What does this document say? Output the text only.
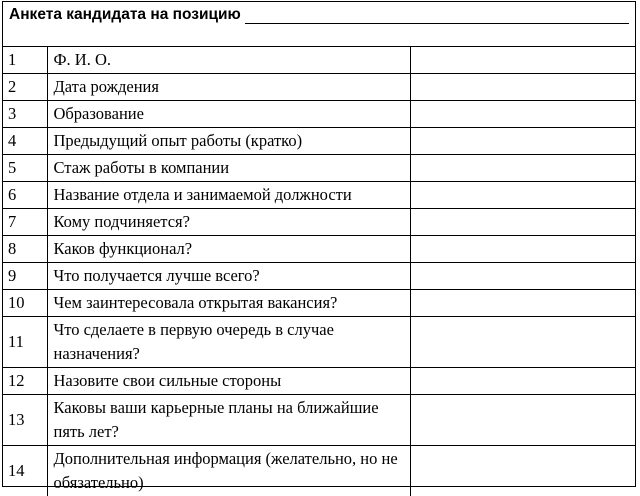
Анкета кандидата на позицию
1	Ф. И. О.	
2	Дата рождения	
3	Образование	
4	Предыдущий опыт работы (кратко)	
5	Стаж работы в компании	
6	Название отдела и занимаемой должности	
7	Кому подчиняется?	
8	Каков функционал?	
9	Что получается лучше всего?	
10	Чем заинтересовала открытая вакансия?	
11	Что сделаете в первую очередь в случае назначения?	
12	Назовите свои сильные стороны	
13	Каковы ваши карьерные планы на ближайшие пять лет?	
14	Дополнительная информация (желательно, но не обязательно)	
